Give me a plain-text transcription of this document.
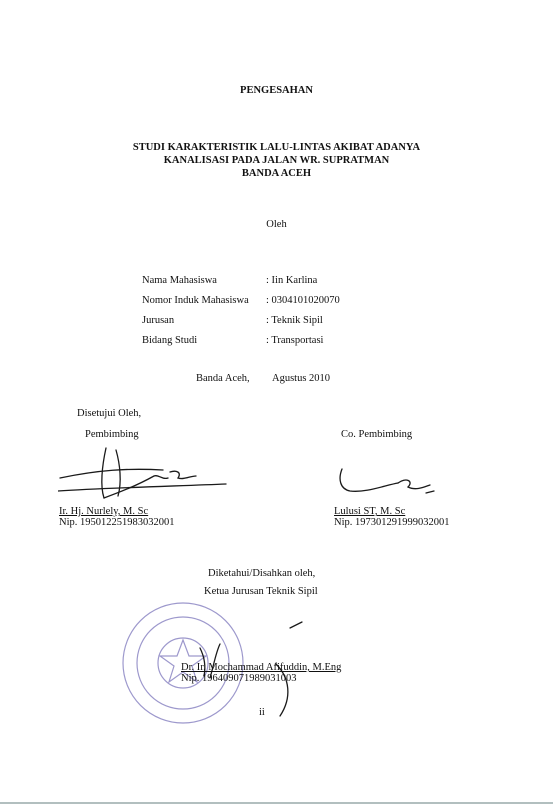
PENGESAHAN
STUDI KARAKTERISTIK LALU-LINTAS AKIBAT ADANYA
KANALISASI PADA JALAN WR. SUPRATMAN
BANDA ACEH
Oleh
Nama Mahasiswa	: Iin Karlina
Nomor Induk Mahasiswa : 0304101020070
Jurusan	: Teknik Sipil
Bidang Studi	: Transportasi
Banda Aceh, Agustus 2010
Disetujui Oleh,
Pembimbing	Co. Pembimbing
Ir. Hj. Nurlely, M. Sc
Nip. 195012251983032001
Lulusi ST, M. Sc
Nip. 197301291999032001
Diketahui/Disahkan oleh,
Ketua Jurusan Teknik Sipil
Dr. Ir. Mochammad Afifuddin, M.Eng
Nip. 196409071989031003
ii
